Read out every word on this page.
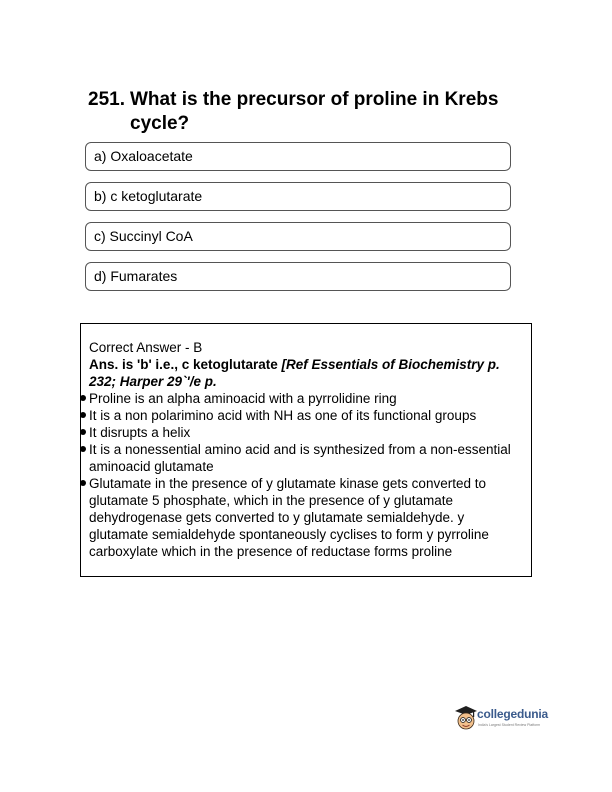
251. What is the precursor of proline in Krebs cycle?
a) Oxaloacetate
b) c ketoglutarate
c) Succinyl CoA
d) Fumarates
Correct Answer - B
Ans. is 'b' i.e., c ketoglutarate [Ref Essentials of Biochemistry p. 232; Harper 29`'/e p.
Proline is an alpha aminoacid with a pyrrolidine ring
It is a non polarimino acid with NH as one of its functional groups
It disrupts a helix
It is a nonessential amino acid and is synthesized from a non-essential aminoacid glutamate
Glutamate in the presence of y glutamate kinase gets converted to glutamate 5 phosphate, which in the presence of y glutamate dehydrogenase gets converted to y glutamate semialdehyde. y glutamate semialdehyde spontaneously cyclises to form y pyrroline carboxylate which in the presence of reductase forms proline
collegedunia
India's Largest Student Review Platform
